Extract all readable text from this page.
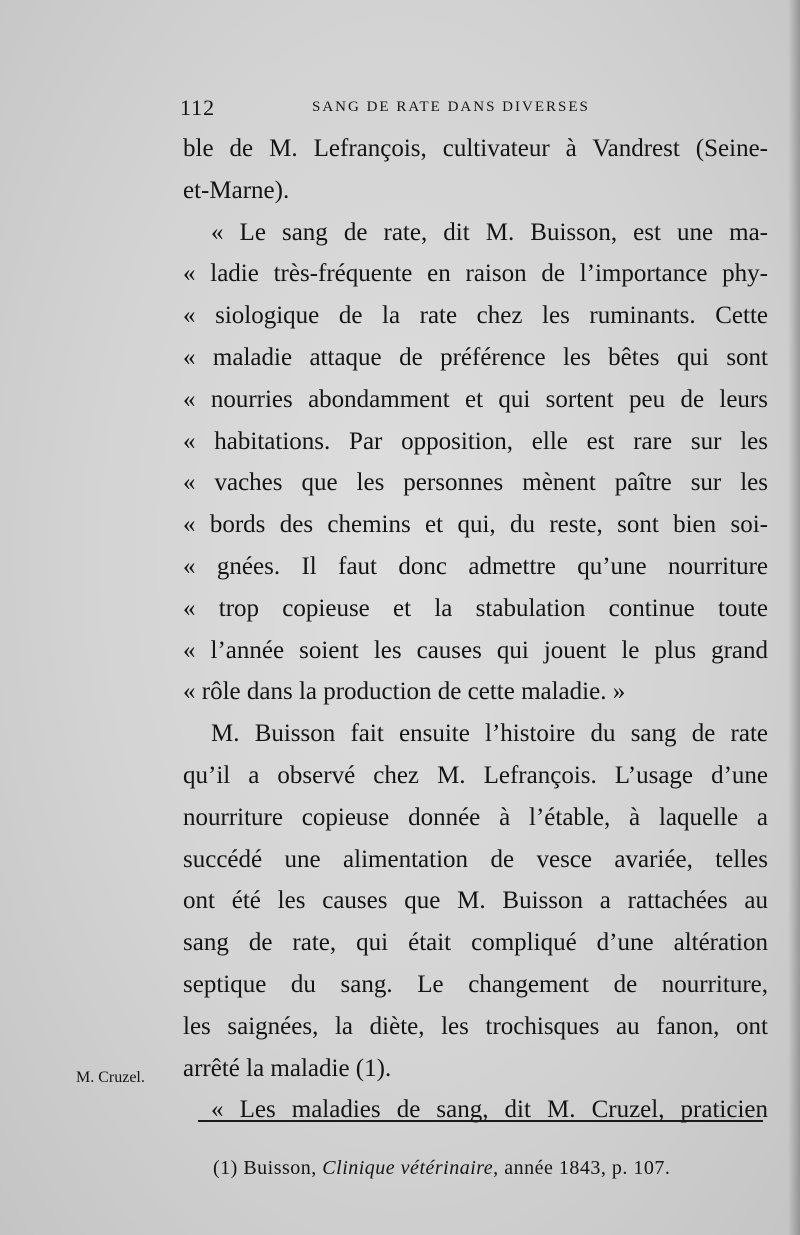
112	SANG DE RATE DANS DIVERSES
ble de M. Lefrançois, cultivateur à Vandrest (Seine-
et-Marne).
« Le sang de rate, dit M. Buisson, est une ma-
« ladie très-fréquente en raison de l’importance phy-
« siologique de la rate chez les ruminants. Cette
« maladie attaque de préférence les bêtes qui sont
« nourries abondamment et qui sortent peu de leurs
« habitations. Par opposition, elle est rare sur les
« vaches que les personnes mènent paître sur les
« bords des chemins et qui, du reste, sont bien soi-
« gnées. Il faut donc admettre qu’une nourriture
« trop copieuse et la stabulation continue toute
« l’année soient les causes qui jouent le plus grand
« rôle dans la production de cette maladie. »
M. Buisson fait ensuite l’histoire du sang de rate
qu’il a observé chez M. Lefrançois. L’usage d’une
nourriture copieuse donnée à l’étable, à laquelle a
succédé une alimentation de vesce avariée, telles
ont été les causes que M. Buisson a rattachées au
sang de rate, qui était compliqué d’une altération
septique du sang. Le changement de nourriture,
les saignées, la diète, les trochisques au fanon, ont
arrêté la maladie (1).
« Les maladies de sang, dit M. Cruzel, praticien
M. Cruzel.
(1) Buisson, Clinique vétérinaire, année 1843, p. 107.
